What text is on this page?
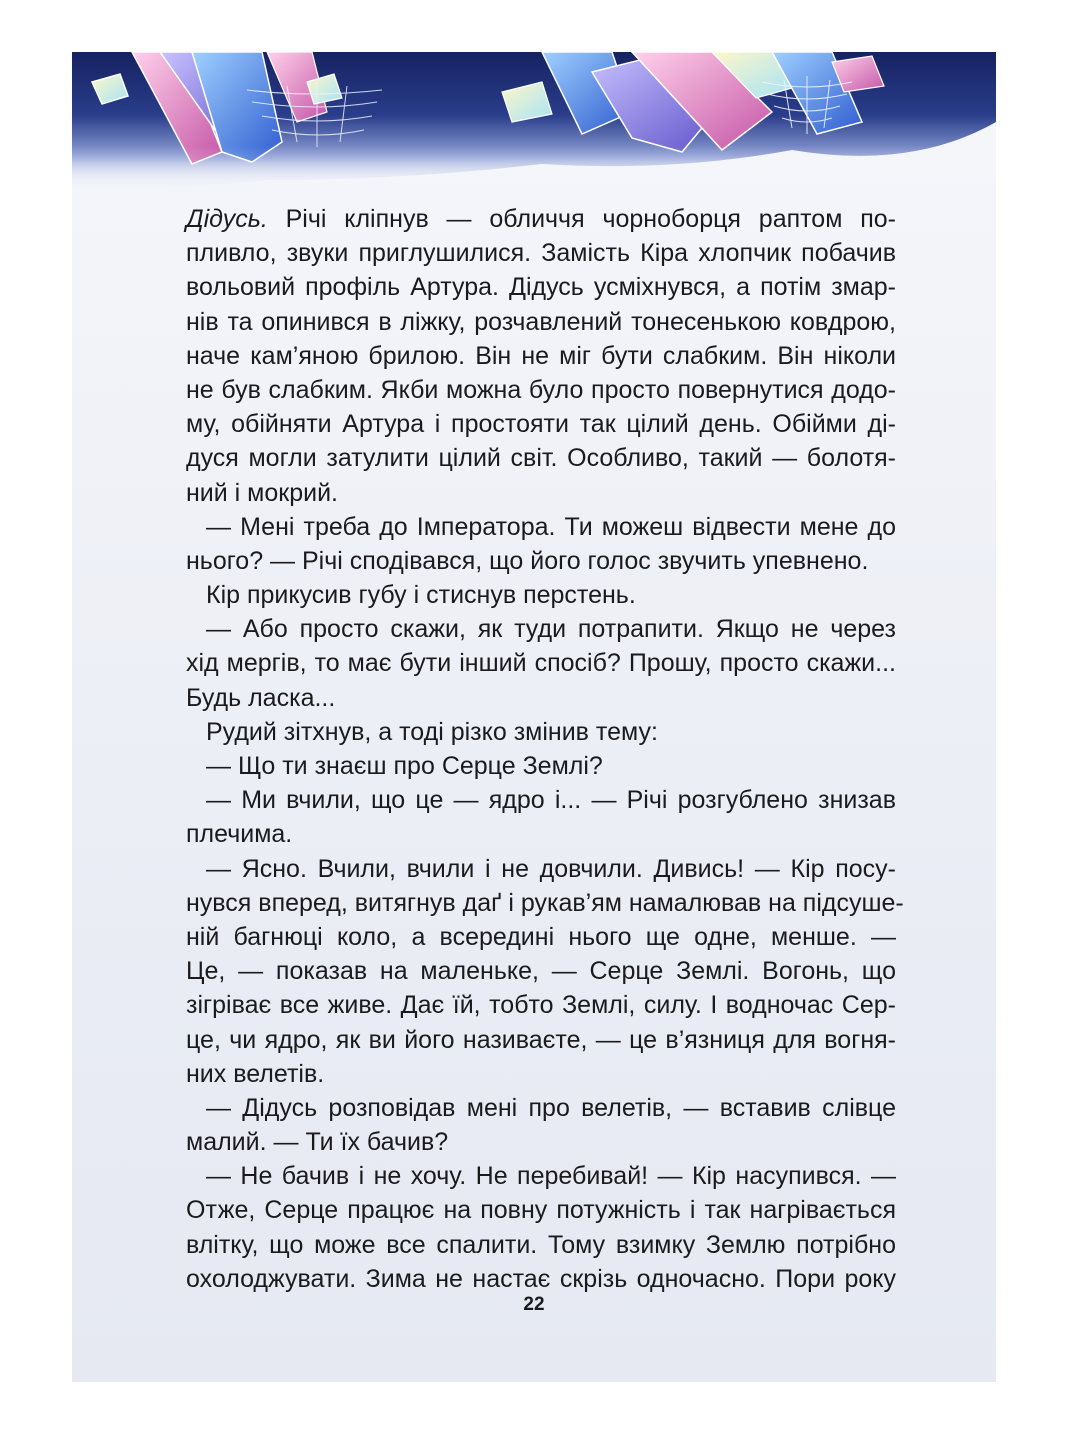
Дідусь. Річі кліпнув — обличчя чорноборця раптом по-
пливло, звуки приглушилися. Замість Кіра хлопчик побачив
вольовий профіль Артура. Дідусь усміхнувся, а потім змар-
нів та опинився в ліжку, розчавлений тонесенькою ковдрою,
наче кам’яною брилою. Він не міг бути слабким. Він ніколи
не був слабким. Якби можна було просто повернутися додо-
му, обійняти Артура і простояти так цілий день. Обійми ді-
дуся могли затулити цілий світ. Особливо, такий — болотя-
ний і мокрий.
— Мені треба до Імператора. Ти можеш відвести мене до
нього? — Річі сподівався, що його голос звучить упевнено.
Кір прикусив губу і стиснув перстень.
— Або просто скажи, як туди потрапити. Якщо не через
хід мергів, то має бути інший спосіб? Прошу, просто скажи...
Будь ласка...
Рудий зітхнув, а тоді різко змінив тему:
— Що ти знаєш про Серце Землі?
— Ми вчили, що це — ядро і... — Річі розгублено знизав
плечима.
— Ясно. Вчили, вчили і не довчили. Дивись! — Кір посу-
нувся вперед, витягнув даґ і рукав’ям намалював на підсуше-
ній багнюці коло, а всередині нього ще одне, менше. —
Це, — показав на маленьке, — Серце Землі. Вогонь, що
зігріває все живе. Дає їй, тобто Землі, силу. І водночас Сер-
це, чи ядро, як ви його називаєте, — це в’язниця для вогня-
них велетів.
— Дідусь розповідав мені про велетів, — вставив слівце
малий. — Ти їх бачив?
— Не бачив і не хочу. Не перебивай! — Кір насупився. —
Отже, Серце працює на повну потужність і так нагрівається
влітку, що може все спалити. Тому взимку Землю потрібно
охолоджувати. Зима не настає скрізь одночасно. Пори року
22
